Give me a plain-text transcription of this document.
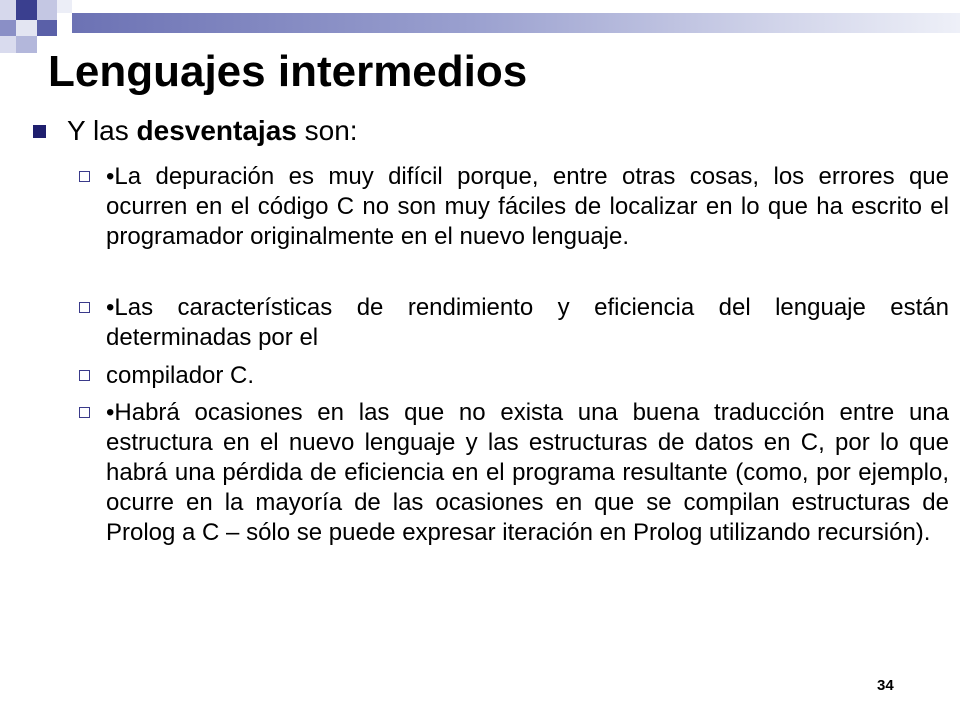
Lenguajes intermedios
Y las desventajas son:

•La depuración es muy difícil porque, entre otras cosas, los errores que ocurren en el código C no son muy fáciles de localizar en lo que ha escrito el programador originalmente en el nuevo lenguaje.

•Las características de rendimiento y eficiencia del lenguaje están determinadas por el

compilador C.

•Habrá ocasiones en las que no exista una buena traducción entre una estructura en el nuevo lenguaje y las estructuras de datos en C, por lo que habrá una pérdida de eficiencia en el programa resultante (como, por ejemplo, ocurre en la mayoría de las ocasiones en que se compilan estructuras de Prolog a C – sólo se puede expresar iteración en Prolog utilizando recursión).

34
